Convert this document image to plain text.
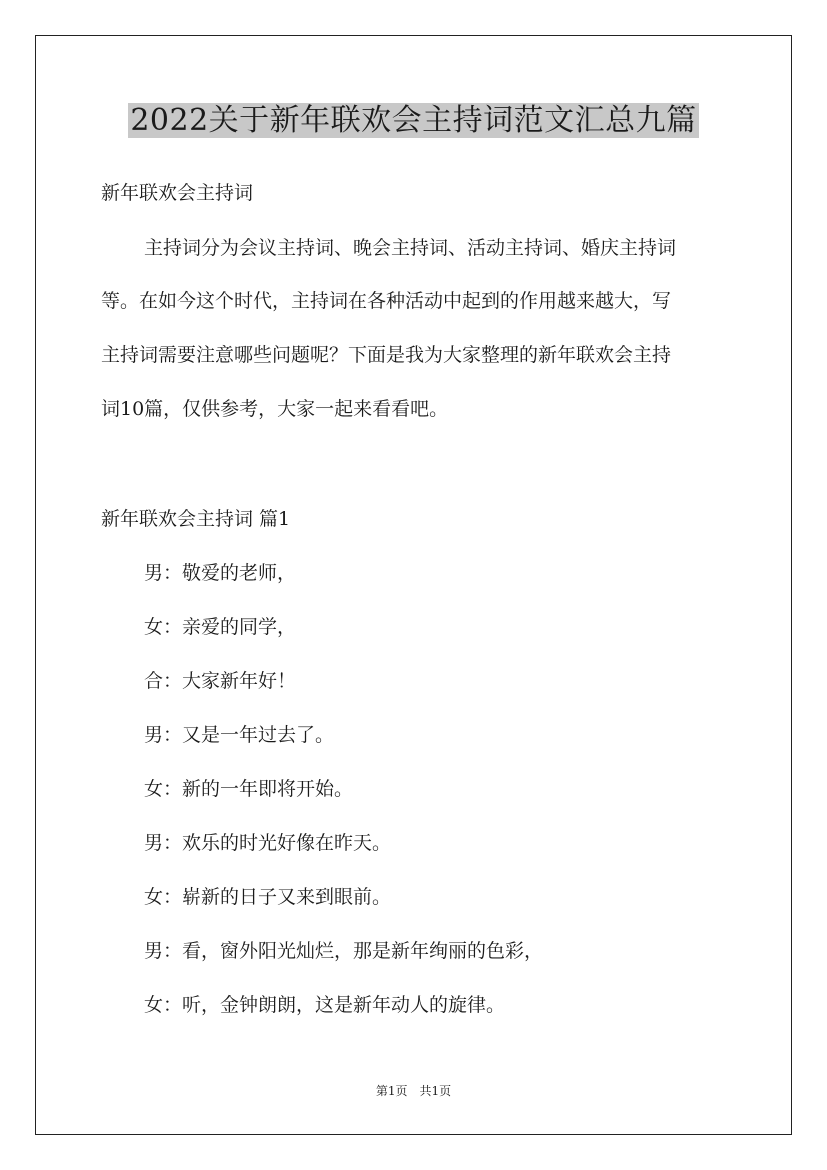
2022关于新年联欢会主持词范文汇总九篇

新年联欢会主持词

主持词分为会议主持词、晚会主持词、活动主持词、婚庆主持词

等。在如今这个时代，主持词在各种活动中起到的作用越来越大，写

主持词需要注意哪些问题呢？下面是我为大家整理的新年联欢会主持

词10篇，仅供参考，大家一起来看看吧。

新年联欢会主持词 篇1

男：敬爱的老师，

女：亲爱的同学，

合：大家新年好！

男：又是一年过去了。

女：新的一年即将开始。

男：欢乐的时光好像在昨天。

女：崭新的日子又来到眼前。

男：看，窗外阳光灿烂，那是新年绚丽的色彩，

女：听，金钟朗朗，这是新年动人的旋律。

第1页　共1页
